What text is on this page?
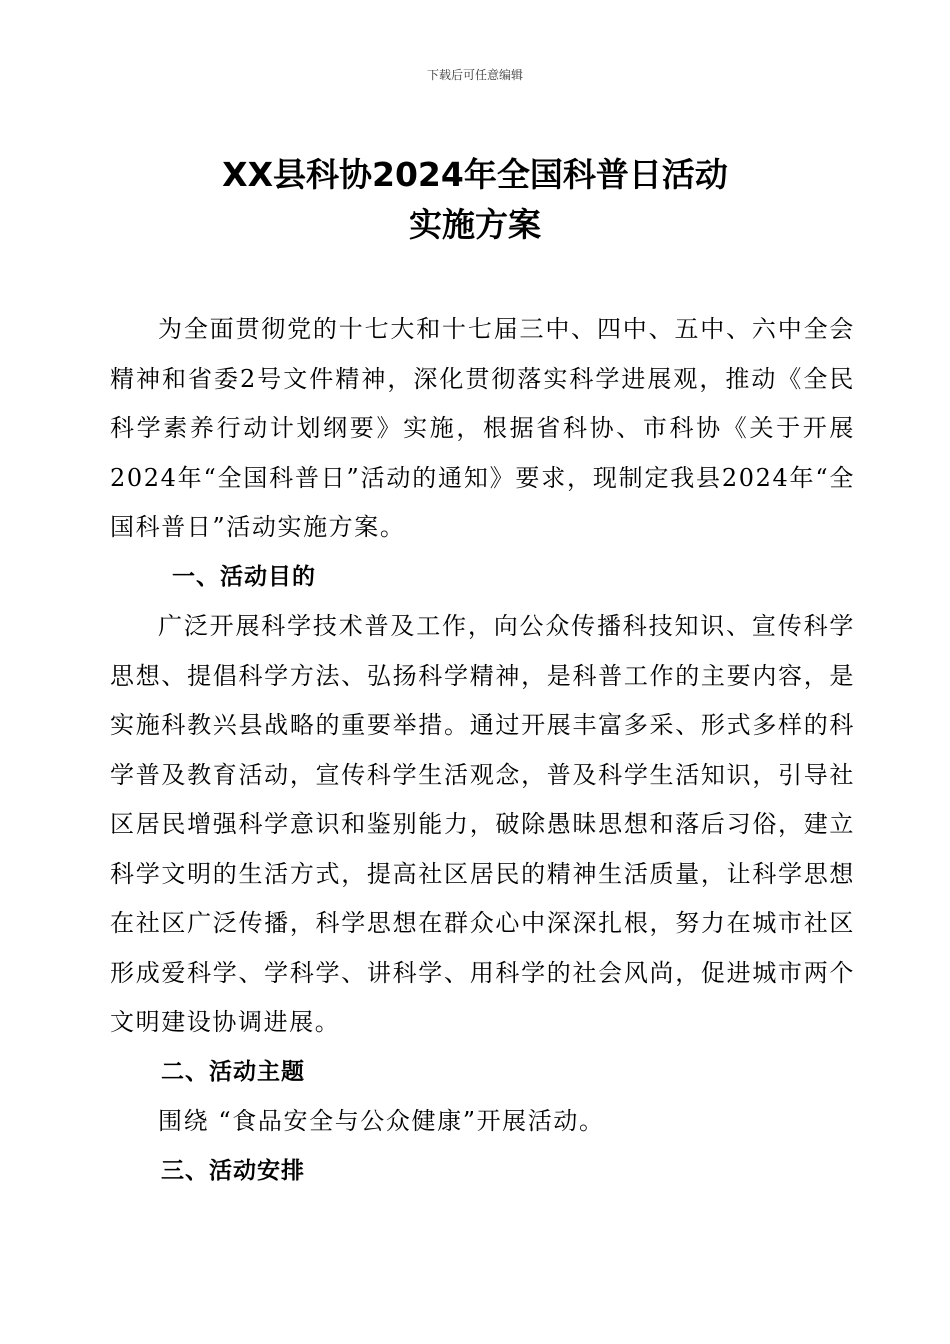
下载后可任意编辑
XX县科协2024年全国科普日活动
实施方案

为全面贯彻党的十七大和十七届三中、四中、五中、六中全会精神和省委2号文件精神，深化贯彻落实科学进展观，推动《全民科学素养行动计划纲要》实施，根据省科协、市科协《关于开展2024年“全国科普日”活动的通知》要求，现制定我县2024年“全国科普日”活动实施方案。

一、活动目的

广泛开展科学技术普及工作，向公众传播科技知识、宣传科学思想、提倡科学方法、弘扬科学精神，是科普工作的主要内容，是实施科教兴县战略的重要举措。通过开展丰富多采、形式多样的科学普及教育活动，宣传科学生活观念，普及科学生活知识，引导社区居民增强科学意识和鉴别能力，破除愚昧思想和落后习俗，建立科学文明的生活方式，提高社区居民的精神生活质量，让科学思想在社区广泛传播，科学思想在群众心中深深扎根，努力在城市社区形成爱科学、学科学、讲科学、用科学的社会风尚，促进城市两个文明建设协调进展。

二、活动主题

围绕 “食品安全与公众健康”开展活动。

三、活动安排
